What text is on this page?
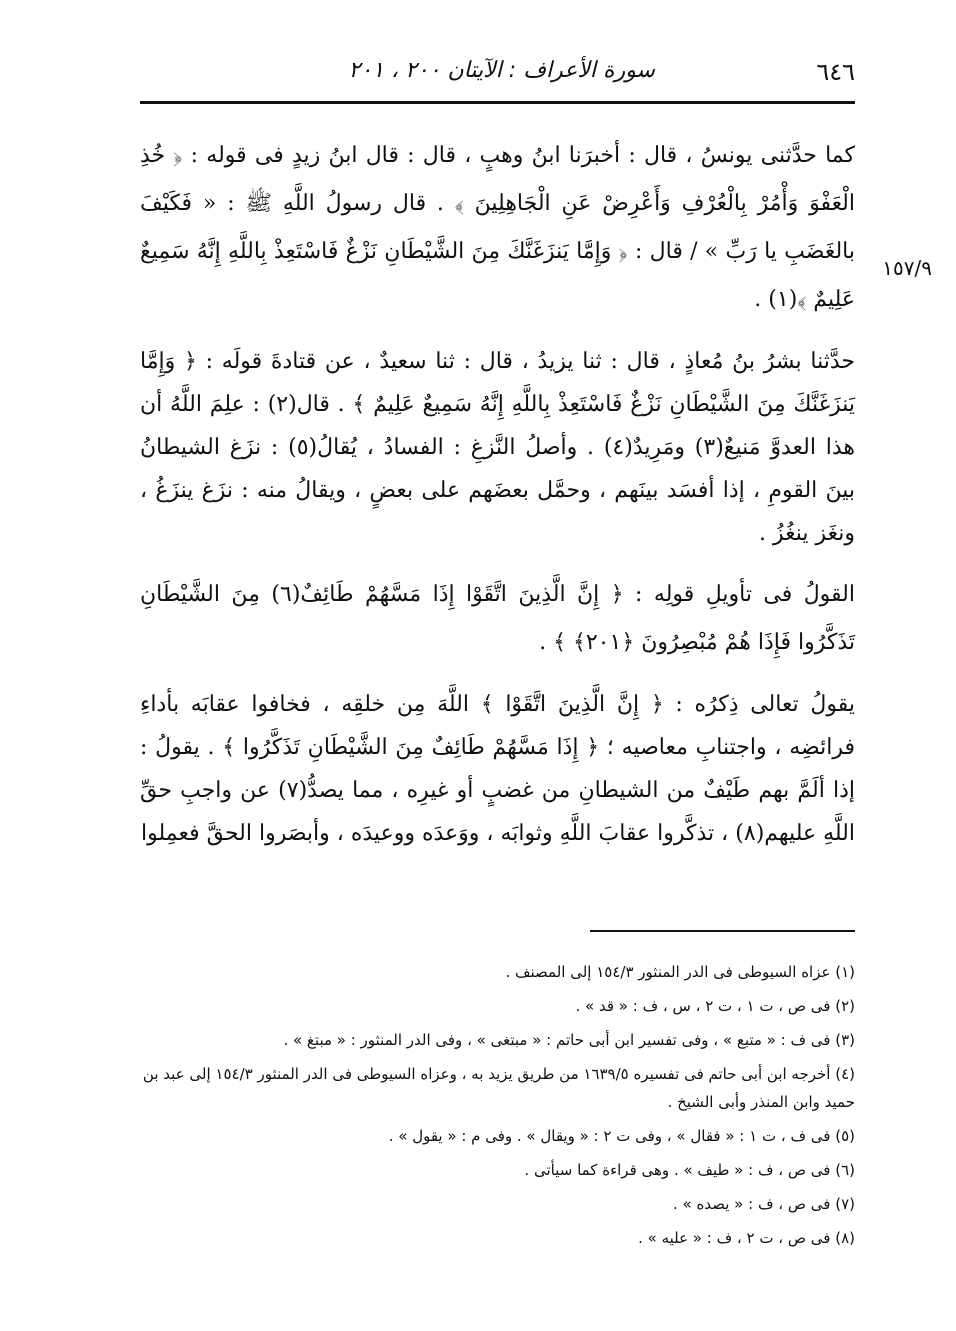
٦٤٦
سورة الأعراف : الآيتان ٢٠٠ ، ٢٠١
١٥٧/٩

كما حدَّثنى يونسُ ، قال : أخبرَنا ابنُ وهبٍ ، قال : قال ابنُ زيدٍ فى قوله : ﴿ خُذِ الْعَفْوَ وَأْمُرْ بِالْعُرْفِ وَأَعْرِضْ عَنِ الْجَاهِلِينَ ﴾ . قال رسولُ اللَّهِ ﷺ : « فَكَيْفَ بالغَضَبِ يا رَبِّ » / قال : ﴿ وَإِمَّا يَنزَغَنَّكَ مِنَ الشَّيْطَانِ نَزْغٌ فَاسْتَعِذْ بِاللَّهِ إِنَّهُ سَمِيعٌ عَلِيمٌ ﴾(١) .

حدَّثنا بشرُ بنُ مُعاذٍ ، قال : ثنا يزيدُ ، قال : ثنا سعيدٌ ، عن قتادةَ قولَه : ﴿ وَإِمَّا يَنزَغَنَّكَ مِنَ الشَّيْطَانِ نَزْغٌ فَاسْتَعِذْ بِاللَّهِ إِنَّهُ سَمِيعٌ عَلِيمٌ ﴾ . قال(٢) : علِمَ اللَّهُ أن هذا العدوَّ مَنيعٌ(٣) ومَرِيدٌ(٤) . وأصلُ النَّزغِ : الفسادُ ، يُقالُ(٥) : نزَغ الشيطانُ بينَ القومِ ، إذا أفسَد بينَهم ، وحمَّل بعضَهم على بعضٍ ، ويقالُ منه : نزَغ ينزَغُ ، ونغَز ينغُزُ .

القولُ فى تأويلِ قولِه : ﴿ إِنَّ الَّذِينَ اتَّقَوْا إِذَا مَسَّهُمْ طَائِفٌ(٦) مِنَ الشَّيْطَانِ تَذَكَّرُوا فَإِذَا هُمْ مُبْصِرُونَ ﴿٢٠١﴾ ﴾ .

يقولُ تعالى ذِكرُه : ﴿ إِنَّ الَّذِينَ اتَّقَوْا ﴾ اللَّهَ مِن خلقِه ، فخافوا عقابَه بأداءِ فرائضِه ، واجتنابِ معاصيه ؛ ﴿ إِذَا مَسَّهُمْ طَائِفٌ مِنَ الشَّيْطَانِ تَذَكَّرُوا ﴾ . يقولُ : إذا ألَمَّ بهم طَيْفٌ من الشيطانِ من غضبٍ أو غيرِه ، مما يصدُّ(٧) عن واجبِ حقِّ اللَّهِ عليهم(٨) ، تذكَّروا عقابَ اللَّهِ وثوابَه ، ووَعدَه ووعيدَه ، وأبصَروا الحقَّ فعمِلوا

(١) عزاه السيوطى فى الدر المنثور ١٥٤/٣ إلى المصنف .
(٢) فى ص ، ت ١ ، ت ٢ ، س ، ف : « قد » .
(٣) فى ف : « متبع » ، وفى تفسير ابن أبى حاتم : « مبتغى » ، وفى الدر المنثور : « مبتغ » .
(٤) أخرجه ابن أبى حاتم فى تفسيره ١٦٣٩/٥ من طريق يزيد به ، وعزاه السيوطى فى الدر المنثور ١٥٤/٣ إلى عبد بن حميد وابن المنذر وأبى الشيخ .
(٥) فى ف ، ت ١ : « فقال » ، وفى ت ٢ : « ويقال » . وفى م : « يقول » .
(٦) فى ص ، ف : « طيف » . وهى قراءة كما سيأتى .
(٧) فى ص ، ف : « يصده » .
(٨) فى ص ، ت ٢ ، ف : « عليه » .
